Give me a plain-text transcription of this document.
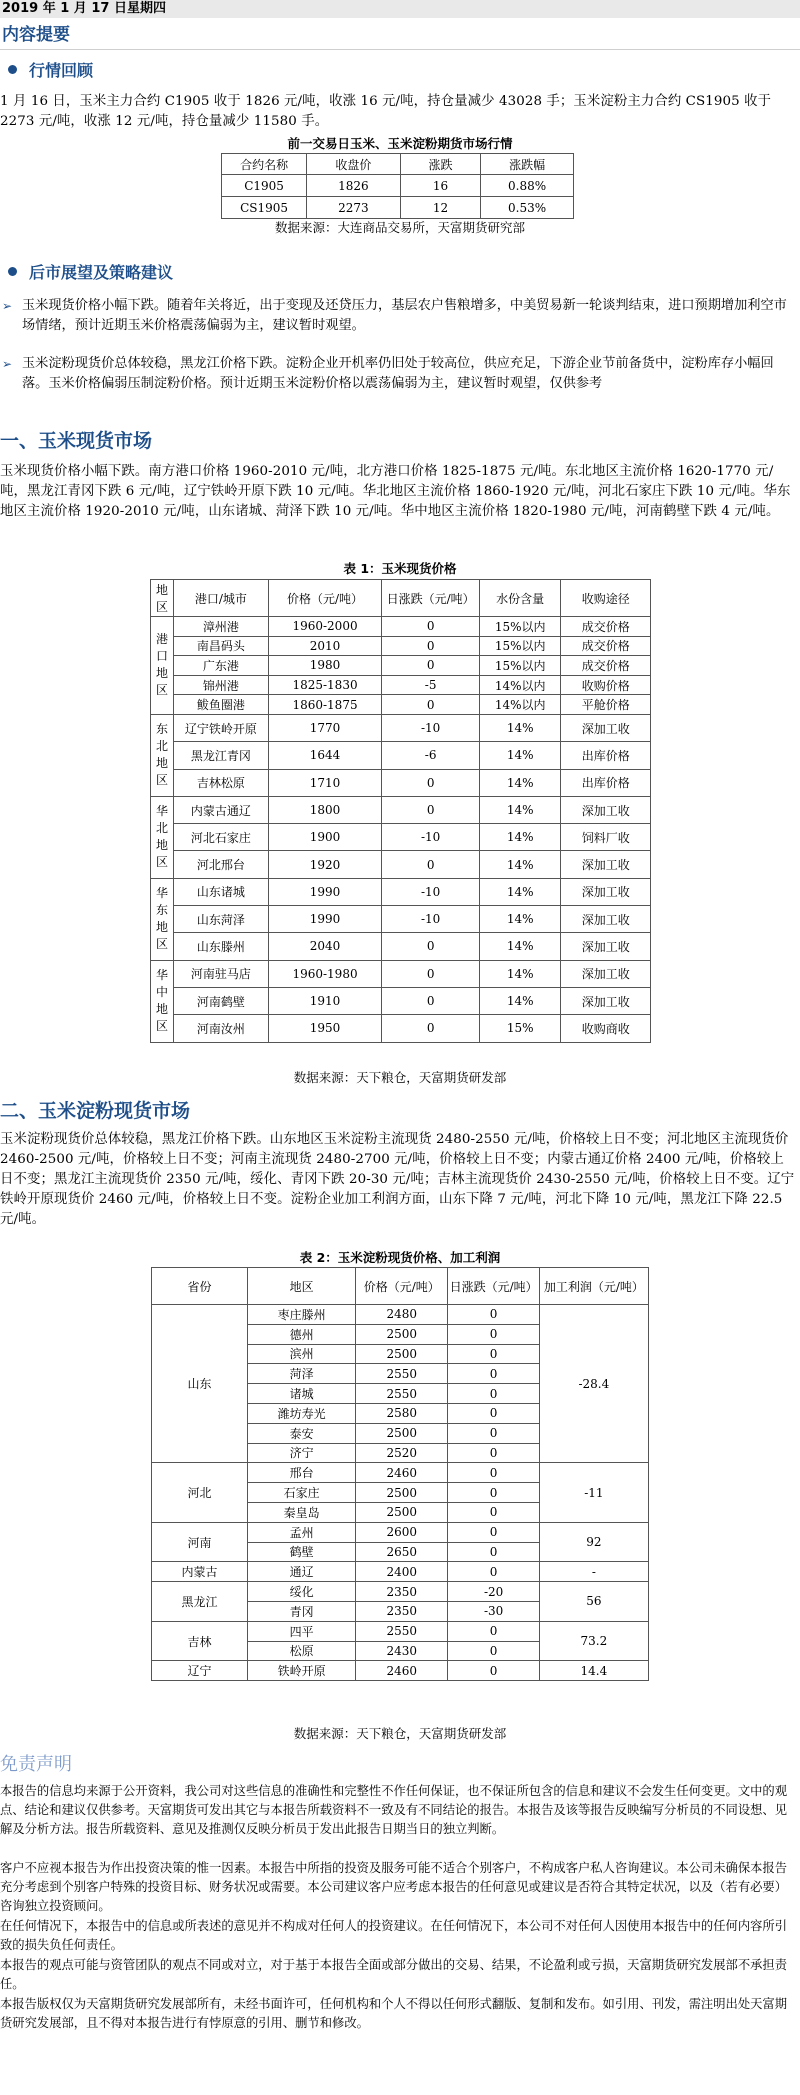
2019 年 1 月 17 日星期四
内容提要
行情回顾
1 月 16 日，玉米主力合约 C1905 收于 1826 元/吨，收涨 16 元/吨，持仓量减少 43028 手；玉米淀粉主力合约 CS1905 收于 2273 元/吨，收涨 12 元/吨，持仓量减少 11580 手。
前一交易日玉米、玉米淀粉期货市场行情
合约名称	收盘价	涨跌	涨跌幅
C1905	1826	16	0.88%
CS1905	2273	12	0.53%
数据来源：大连商品交易所，天富期货研究部
后市展望及策略建议
➢ 玉米现货价格小幅下跌。随着年关将近，出于变现及还贷压力，基层农户售粮增多，中美贸易新一轮谈判结束，进口预期增加利空市场情绪，预计近期玉米价格震荡偏弱为主，建议暂时观望。
➢ 玉米淀粉现货价总体较稳，黑龙江价格下跌。淀粉企业开机率仍旧处于较高位，供应充足，下游企业节前备货中，淀粉库存小幅回落。玉米价格偏弱压制淀粉价格。预计近期玉米淀粉价格以震荡偏弱为主，建议暂时观望，仅供参考
一、玉米现货市场
玉米现货价格小幅下跌。南方港口价格 1960-2010 元/吨，北方港口价格 1825-1875 元/吨。东北地区主流价格 1620-1770 元/吨，黑龙江青冈下跌 6 元/吨，辽宁铁岭开原下跌 10 元/吨。华北地区主流价格 1860-1920 元/吨，河北石家庄下跌 10 元/吨。华东地区主流价格 1920-2010 元/吨，山东诸城、菏泽下跌 10 元/吨。华中地区主流价格 1820-1980 元/吨，河南鹤壁下跌 4 元/吨。
表 1：玉米现货价格
地区	港口/城市	价格（元/吨）	日涨跌（元/吨）	水份含量	收购途径
港口地区	漳州港	1960-2000	0	15%以内	成交价格
	南昌码头	2010	0	15%以内	成交价格
	广东港	1980	0	15%以内	成交价格
	锦州港	1825-1830	-5	14%以内	收购价格
	鲅鱼圈港	1860-1875	0	14%以内	平舱价格
东北地区	辽宁铁岭开原	1770	-10	14%	深加工收
	黑龙江青冈	1644	-6	14%	出库价格
	吉林松原	1710	0	14%	出库价格
华北地区	内蒙古通辽	1800	0	14%	深加工收
	河北石家庄	1900	-10	14%	饲料厂收
	河北邢台	1920	0	14%	深加工收
华东地区	山东诸城	1990	-10	14%	深加工收
	山东菏泽	1990	-10	14%	深加工收
	山东滕州	2040	0	14%	深加工收
华中地区	河南驻马店	1960-1980	0	14%	深加工收
	河南鹤壁	1910	0	14%	深加工收
	河南汝州	1950	0	15%	收购商收
数据来源：天下粮仓，天富期货研发部
二、玉米淀粉现货市场
玉米淀粉现货价总体较稳，黑龙江价格下跌。山东地区玉米淀粉主流现货 2480-2550 元/吨，价格较上日不变；河北地区主流现货价 2460-2500 元/吨，价格较上日不变；河南主流现货 2480-2700 元/吨，价格较上日不变；内蒙古通辽价格 2400 元/吨，价格较上日不变；黑龙江主流现货价 2350 元/吨，绥化、青冈下跌 20-30 元/吨；吉林主流现货价 2430-2550 元/吨，价格较上日不变。辽宁铁岭开原现货价 2460 元/吨，价格较上日不变。淀粉企业加工利润方面，山东下降 7 元/吨，河北下降 10 元/吨，黑龙江下降 22.5 元/吨。
表 2：玉米淀粉现货价格、加工利润
省份	地区	价格（元/吨）	日涨跌（元/吨）	加工利润（元/吨）
山东	枣庄滕州	2480	0	-28.4
	德州	2500	0	
	滨州	2500	0	
	菏泽	2550	0	
	诸城	2550	0	
	潍坊寿光	2580	0	
	泰安	2500	0	
	济宁	2520	0	
河北	邢台	2460	0	-11
	石家庄	2500	0	
	秦皇岛	2500	0	
河南	孟州	2600	0	92
	鹤壁	2650	0	
内蒙古	通辽	2400	0	-
黑龙江	绥化	2350	-20	56
	青冈	2350	-30	
吉林	四平	2550	0	73.2
	松原	2430	0	
辽宁	铁岭开原	2460	0	14.4
数据来源：天下粮仓，天富期货研发部
免责声明
本报告的信息均来源于公开资料，我公司对这些信息的准确性和完整性不作任何保证，也不保证所包含的信息和建议不会发生任何变更。文中的观点、结论和建议仅供参考。天富期货可发出其它与本报告所载资料不一致及有不同结论的报告。本报告及该等报告反映编写分析员的不同设想、见解及分析方法。报告所载资料、意见及推测仅反映分析员于发出此报告日期当日的独立判断。
客户不应视本报告为作出投资决策的惟一因素。本报告中所指的投资及服务可能不适合个别客户，不构成客户私人咨询建议。本公司未确保本报告充分考虑到个别客户特殊的投资目标、财务状况或需要。本公司建议客户应考虑本报告的任何意见或建议是否符合其特定状况，以及（若有必要）咨询独立投资顾问。
在任何情况下，本报告中的信息或所表述的意见并不构成对任何人的投资建议。在任何情况下，本公司不对任何人因使用本报告中的任何内容所引致的损失负任何责任。
本报告的观点可能与资管团队的观点不同或对立，对于基于本报告全面或部分做出的交易、结果，不论盈利或亏损，天富期货研究发展部不承担责任。
本报告版权仅为天富期货研究发展部所有，未经书面许可，任何机构和个人不得以任何形式翻版、复制和发布。如引用、刊发，需注明出处天富期货研究发展部，且不得对本报告进行有悖原意的引用、删节和修改。
